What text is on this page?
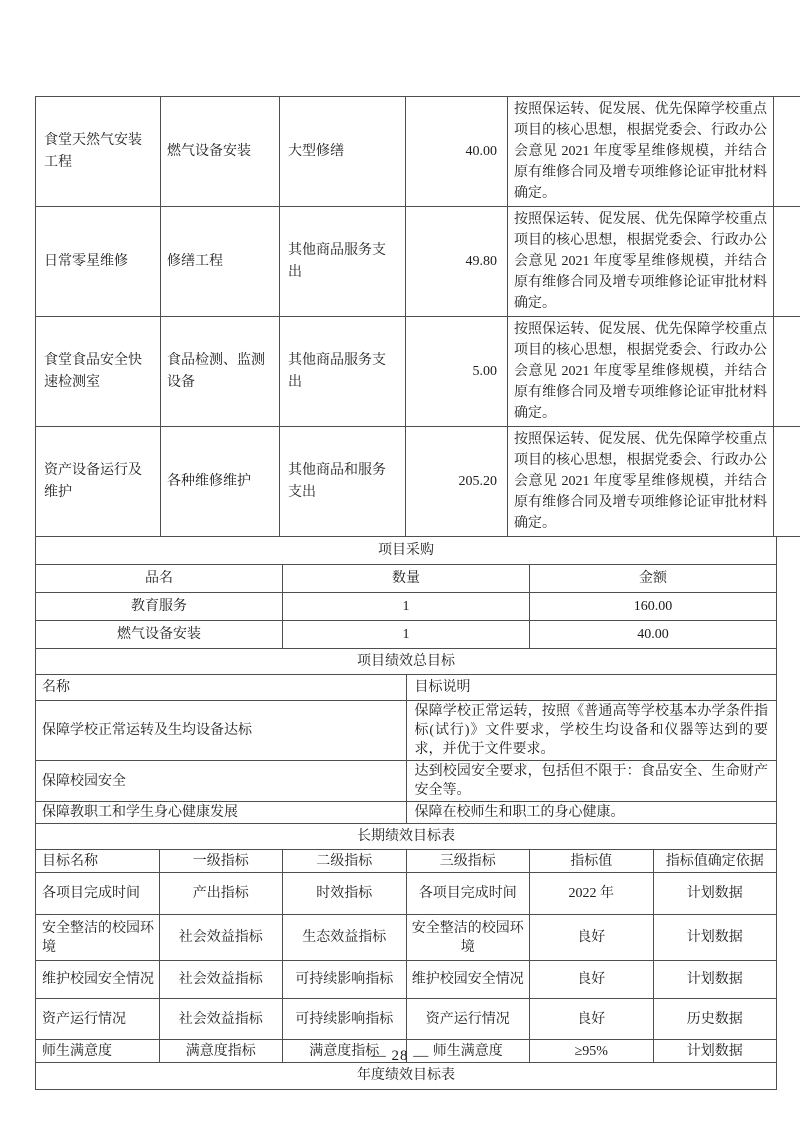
食堂天然气安装工程	燃气设备安装	大型修缮	40.00	按照保运转、促发展、优先保障学校重点项目的核心思想，根据党委会、行政办公会意见 2021 年度零星维修规模，并结合原有维修合同及增专项维修论证审批材料确定。	
日常零星维修	修缮工程	其他商品服务支出	49.80	按照保运转、促发展、优先保障学校重点项目的核心思想，根据党委会、行政办公会意见 2021 年度零星维修规模，并结合原有维修合同及增专项维修论证审批材料确定。	
食堂食品安全快速检测室	食品检测、监测设备	其他商品服务支出	5.00	按照保运转、促发展、优先保障学校重点项目的核心思想，根据党委会、行政办公会意见 2021 年度零星维修规模，并结合原有维修合同及增专项维修论证审批材料确定。	
资产设备运行及维护	各种维修维护	其他商品和服务支出	205.20	按照保运转、促发展、优先保障学校重点项目的核心思想，根据党委会、行政办公会意见 2021 年度零星维修规模，并结合原有维修合同及增专项维修论证审批材料确定。	
项目采购		
品名	数量	金额
教育服务	1	160.00
燃气设备安装	1	40.00
项目绩效总目标	
名称	目标说明
保障学校正常运转及生均设备达标	保障学校正常运转，按照《普通高等学校基本办学条件指标(试行)》文件要求，学校生均设备和仪器等达到的要求，并优于文件要求。
保障校园安全	达到校园安全要求，包括但不限于：食品安全、生命财产安全等。
保障教职工和学生身心健康发展	保障在校师生和职工的身心健康。
长期绩效目标表					
目标名称	一级指标	二级指标	三级指标	指标值	指标值确定依据
各项目完成时间	产出指标	时效指标	各项目完成时间	2022 年	计划数据
安全整洁的校园环境	社会效益指标	生态效益指标	安全整洁的校园环境	良好	计划数据
维护校园安全情况	社会效益指标	可持续影响指标	维护校园安全情况	良好	计划数据
资产运行情况	社会效益指标	可持续影响指标	资产运行情况	良好	历史数据
师生满意度	满意度指标	满意度指标	师生满意度	≥95%	计划数据
年度绩效目标表
— 28 —
